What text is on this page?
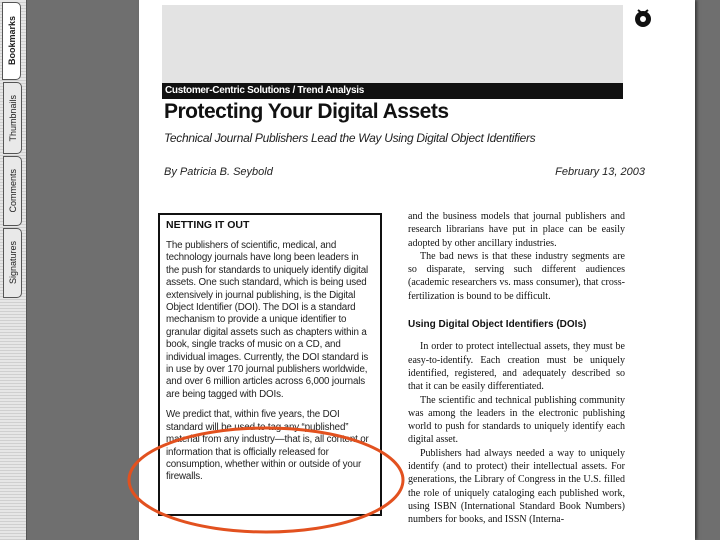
Bookmarks
Thumbnails
Comments
Signatures
Customer-Centric Solutions / Trend Analysis
Protecting Your Digital Assets
Technical Journal Publishers Lead the Way Using Digital Object Identifiers
By Patricia B. Seybold	February 13, 2003
NETTING IT OUT

The publishers of scientific, medical, and technology journals have long been leaders in the push for standards to uniquely identify digital assets. One such standard, which is being used extensively in journal publishing, is the Digital Object Identifier (DOI). The DOI is a standard mechanism to provide a unique identifier to granular digital assets such as chapters within a book, single tracks of music on a CD, and individual images. Currently, the DOI standard is in use by over 170 journal publishers worldwide, and over 6 million articles across 6,000 journals are being tagged with DOIs.

We predict that, within five years, the DOI standard will be used to tag any “published” material from any industry—that is, all content or information that is officially released for consumption, whether within or outside of your firewalls.

and the business models that journal publishers and research librarians have put in place can be easily adopted by other ancillary industries.

The bad news is that these industry segments are so disparate, serving such different audiences (academic researchers vs. mass consumer), that cross-fertilization is bound to be difficult.

Using Digital Object Identifiers (DOIs)

In order to protect intellectual assets, they must be easy-to-identify. Each creation must be uniquely identified, registered, and adequately described so that it can be easily differentiated.

The scientific and technical publishing community was among the leaders in the electronic publishing world to push for standards to uniquely identify each digital asset.

Publishers had always needed a way to uniquely identify (and to protect) their intellectual assets. For generations, the Library of Congress in the U.S. filled the role of uniquely cataloging each published work, using ISBN (International Standard Book Numbers) numbers for books, and ISSN (Interna-
